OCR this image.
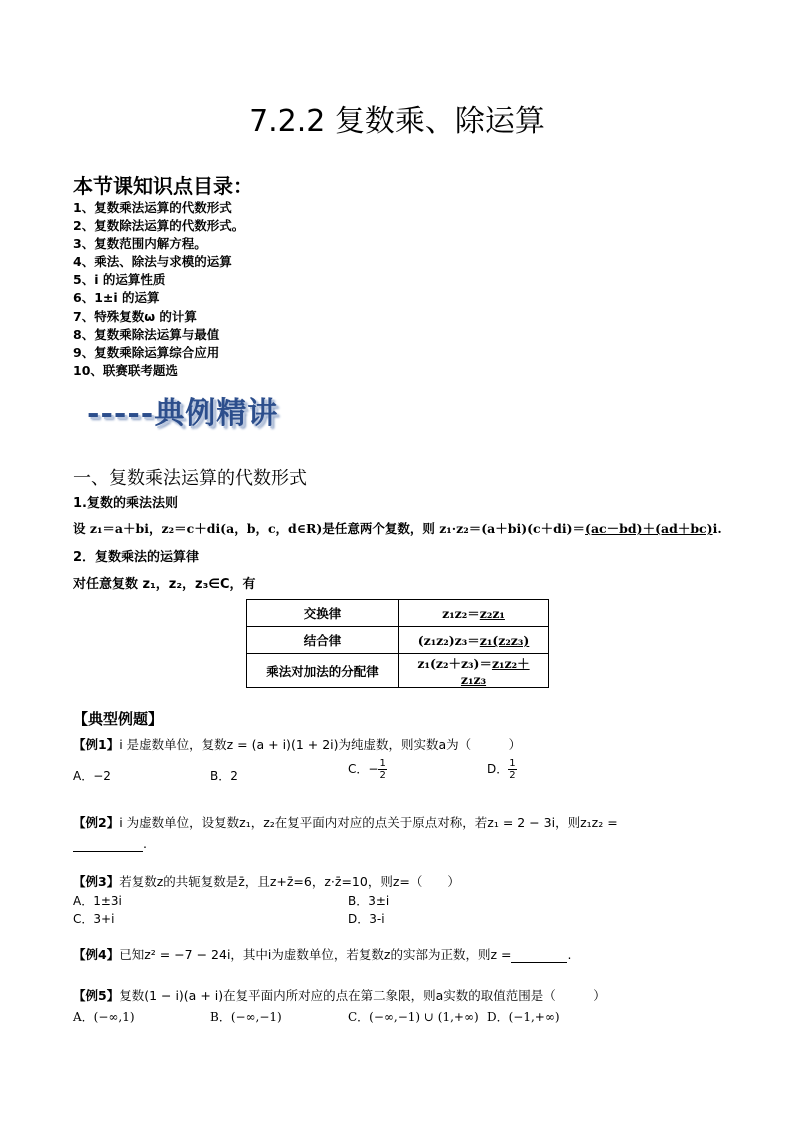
7.2.2 复数乘、除运算
本节课知识点目录：
1、复数乘法运算的代数形式
2、复数除法运算的代数形式。
3、复数范围内解方程。
4、乘法、除法与求模的运算
5、i 的运算性质
6、1±i 的运算
7、特殊复数ω 的计算
8、复数乘除法运算与最值
9、复数乘除运算综合应用
10、联赛联考题选
-----典例精讲
一、复数乘法运算的代数形式
1.复数的乘法法则
设 z₁＝a＋bi，z₂＝c＋di(a，b，c，d∈R)是任意两个复数，则 z₁·z₂＝(a＋bi)(c＋di)＝(ac－bd)＋(ad＋bc)i.
2．复数乘法的运算律
对任意复数 z₁，z₂，z₃∈C，有
交换律	z₁z₂＝z₂z₁
结合律	(z₁z₂)z₃＝z₁(z₂z₃)
乘法对加法的分配律	z₁(z₂＋z₃)＝z₁z₂＋z₁z₃
【典型例题】
【例1】i 是虚数单位，复数z = (a + i)(1 + 2i)为纯虚数，则实数a为（　　　）
A．−2	B．2	C．− $\frac{1}{2}$	D． $\frac{1}{2}$
【例2】i 为虚数单位，设复数z₁，z₂在复平面内对应的点关于原点对称，若z₁ = 2 − 3i，则z₁z₂ =
.
【例3】若复数z的共轭复数是z̄，且z+z̄=6，z·z̄=10，则z=（　　）
A．1±3i	B．3±i
C．3+i	D．3-i
【例4】已知z² = −7 − 24i，其中i为虚数单位，若复数z的实部为正数，则z =	.
【例5】复数(1 − i)(a + i)在复平面内所对应的点在第二象限，则a实数的取值范围是（　　　）
A．(−∞,1)	B．(−∞,−1)	C．(−∞,−1) ∪ (1,+∞) D．(−1,+∞)
